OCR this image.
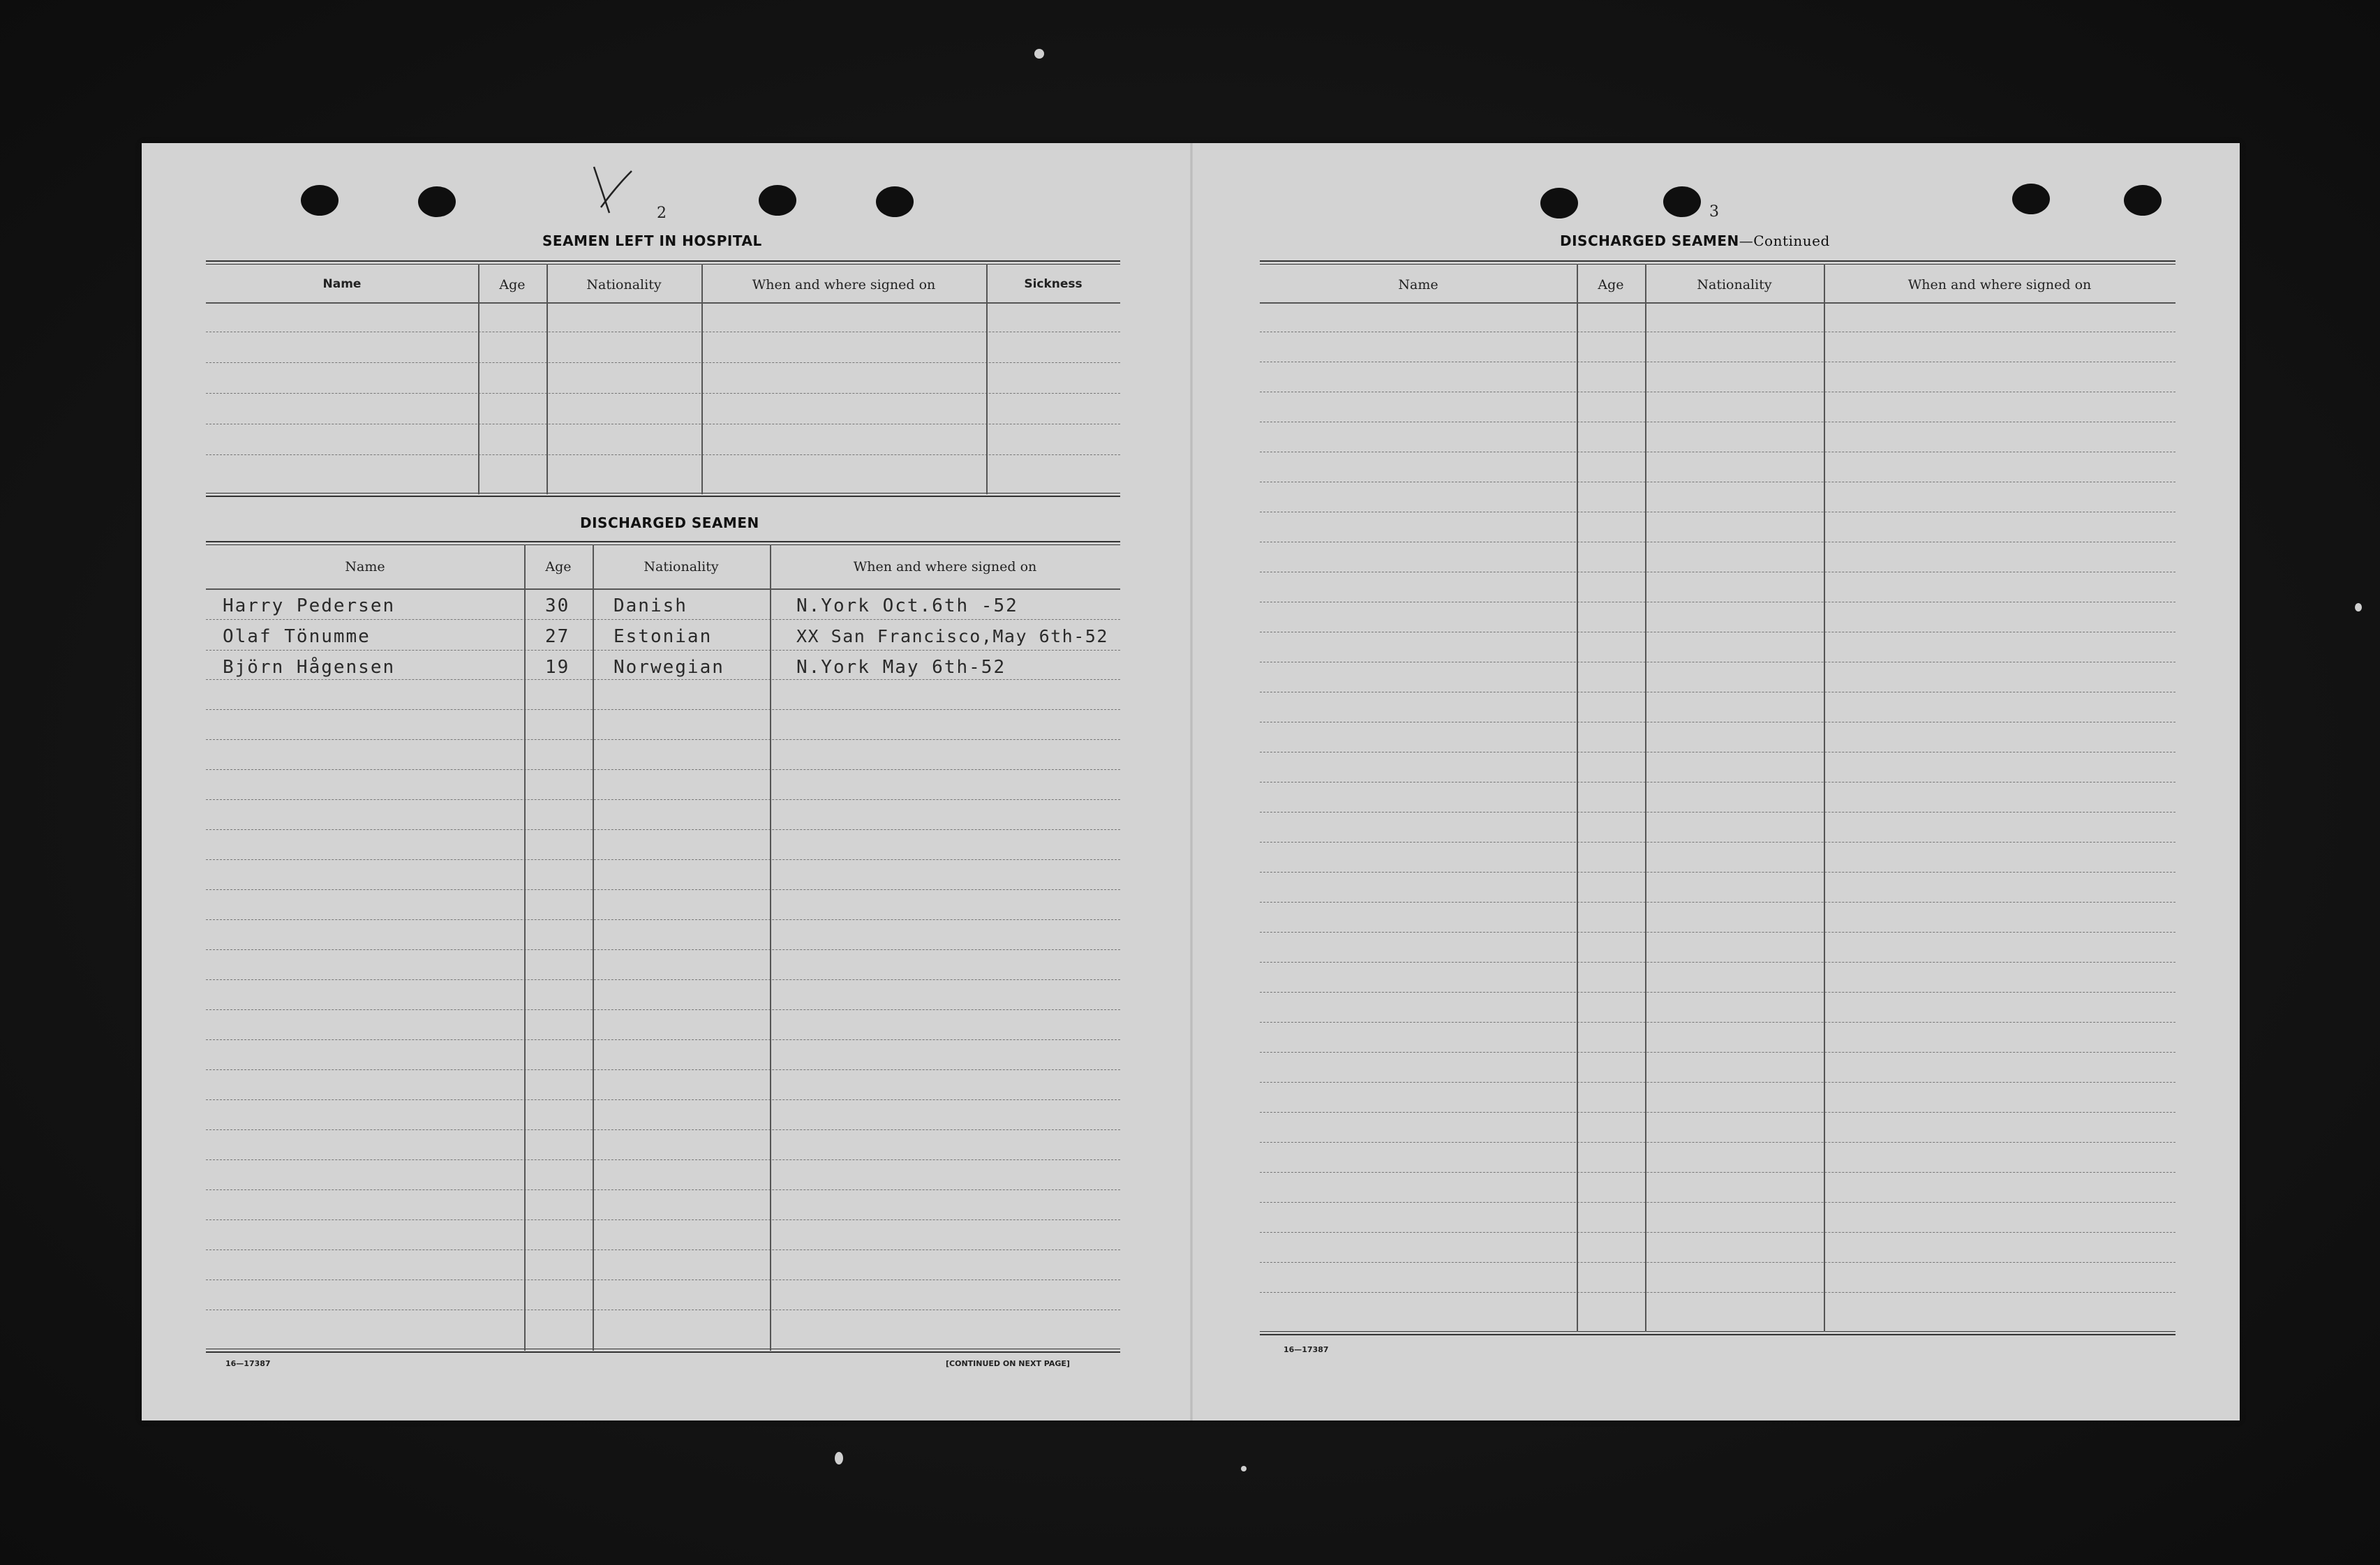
2
SEAMEN LEFT IN HOSPITAL
Name	Age	Nationality	When and where signed on	Sickness
DISCHARGED SEAMEN
Name	Age	Nationality	When and where signed on
Harry Pedersen	30 Danish	N.York Oct.6th -52
Olaf Tönumme	27 Estonian	XX San Francisco,May 6th-52
Björn Hågensen	19 Norwegian	N.York May 6th-52
16—17387	[CONTINUED ON NEXT PAGE]
3
DISCHARGED SEAMEN—Continued
Name	Age	Nationality	When and where signed on
16—17387
